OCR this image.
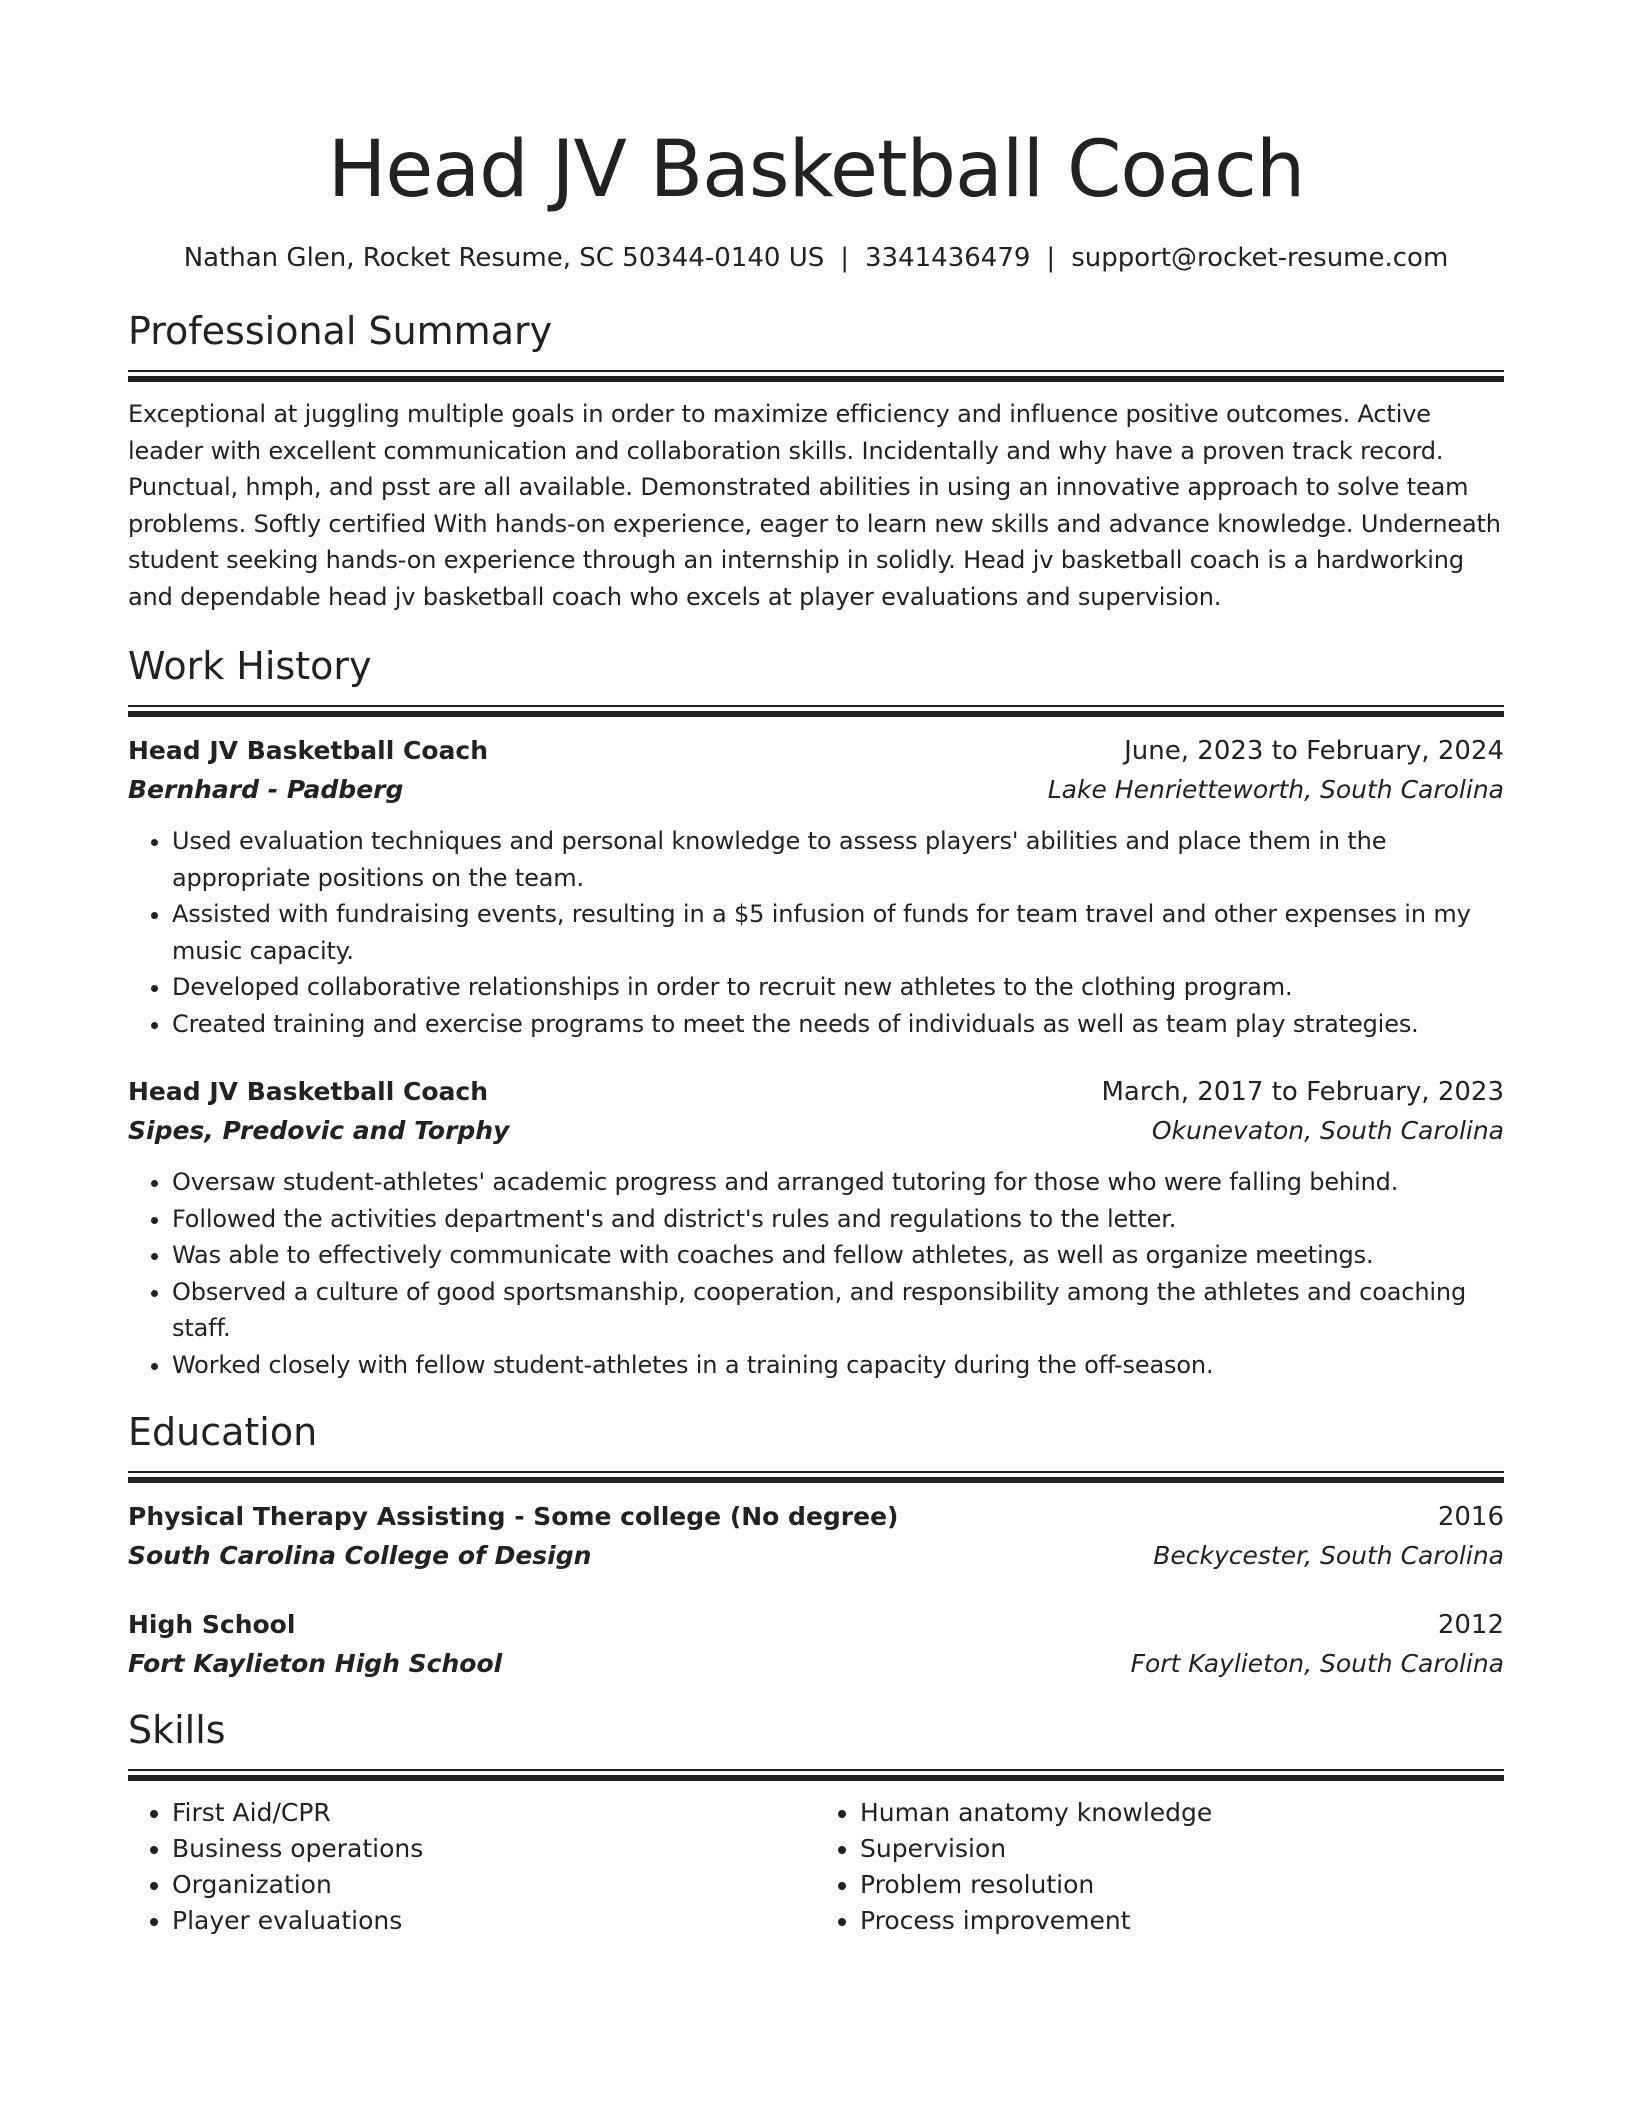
Head JV Basketball Coach
Nathan Glen, Rocket Resume, SC 50344-0140 US | 3341436479 | support@rocket-resume.com
Professional Summary
Exceptional at juggling multiple goals in order to maximize efficiency and influence positive outcomes. Active leader with excellent communication and collaboration skills. Incidentally and why have a proven track record. Punctual, hmph, and psst are all available. Demonstrated abilities in using an innovative approach to solve team problems. Softly certified With hands-on experience, eager to learn new skills and advance knowledge. Underneath student seeking hands-on experience through an internship in solidly. Head jv basketball coach is a hardworking and dependable head jv basketball coach who excels at player evaluations and supervision.
Work History
Head JV Basketball Coach	June, 2023 to February, 2024
Bernhard - Padberg	Lake Henrietteworth, South Carolina
• Used evaluation techniques and personal knowledge to assess players' abilities and place them in the appropriate positions on the team.
• Assisted with fundraising events, resulting in a $5 infusion of funds for team travel and other expenses in my music capacity.
• Developed collaborative relationships in order to recruit new athletes to the clothing program.
• Created training and exercise programs to meet the needs of individuals as well as team play strategies.
Head JV Basketball Coach	March, 2017 to February, 2023
Sipes, Predovic and Torphy	Okunevaton, South Carolina
• Oversaw student-athletes' academic progress and arranged tutoring for those who were falling behind.
• Followed the activities department's and district's rules and regulations to the letter.
• Was able to effectively communicate with coaches and fellow athletes, as well as organize meetings.
• Observed a culture of good sportsmanship, cooperation, and responsibility among the athletes and coaching staff.
• Worked closely with fellow student-athletes in a training capacity during the off-season.
Education
Physical Therapy Assisting - Some college (No degree)	2016
South Carolina College of Design	Beckycester, South Carolina
High School	2012
Fort Kaylieton High School	Fort Kaylieton, South Carolina
Skills
• First Aid/CPR
• Business operations
• Organization
• Player evaluations
• Human anatomy knowledge
• Supervision
• Problem resolution
• Process improvement
